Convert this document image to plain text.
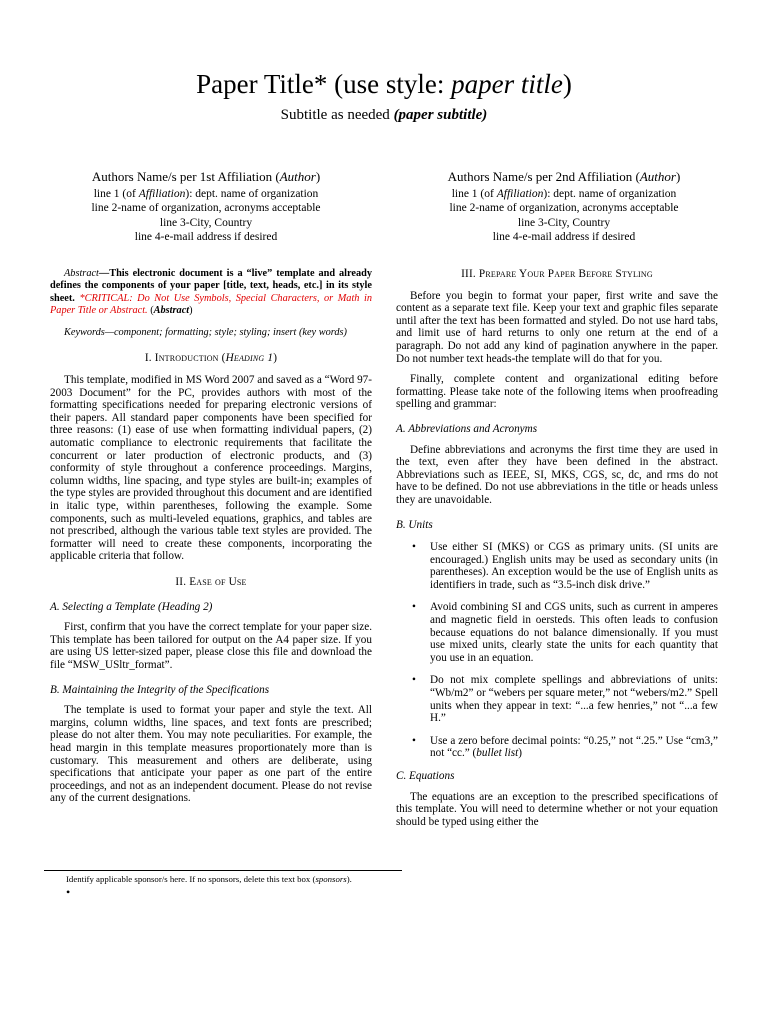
Paper Title* (use style: paper title)
Subtitle as needed (paper subtitle)
Authors Name/s per 1st Affiliation (Author)
line 1 (of Affiliation): dept. name of organization
line 2-name of organization, acronyms acceptable
line 3-City, Country
line 4-e-mail address if desired
Authors Name/s per 2nd Affiliation (Author)
line 1 (of Affiliation): dept. name of organization
line 2-name of organization, acronyms acceptable
line 3-City, Country
line 4-e-mail address if desired

Abstract—This electronic document is a “live” template and already defines the components of your paper [title, text, heads, etc.] in its style sheet. *CRITICAL: Do Not Use Symbols, Special Characters, or Math in Paper Title or Abstract. (Abstract)

Keywords—component; formatting; style; styling; insert (key words)

I. Introduction (Heading 1)

This template, modified in MS Word 2007 and saved as a “Word 97-2003 Document” for the PC, provides authors with most of the formatting specifications needed for preparing electronic versions of their papers. All standard paper components have been specified for three reasons: (1) ease of use when formatting individual papers, (2) automatic compliance to electronic requirements that facilitate the concurrent or later production of electronic products, and (3) conformity of style throughout a conference proceedings. Margins, column widths, line spacing, and type styles are built-in; examples of the type styles are provided throughout this document and are identified in italic type, within parentheses, following the example. Some components, such as multi-leveled equations, graphics, and tables are not prescribed, although the various table text styles are provided. The formatter will need to create these components, incorporating the applicable criteria that follow.

II. Ease of Use
A. Selecting a Template (Heading 2)

First, confirm that you have the correct template for your paper size. This template has been tailored for output on the A4 paper size. If you are using US letter-sized paper, please close this file and download the file “MSW_USltr_format”.

B. Maintaining the Integrity of the Specifications

The template is used to format your paper and style the text. All margins, column widths, line spaces, and text fonts are prescribed; please do not alter them. You may note peculiarities. For example, the head margin in this template measures proportionately more than is customary. This measurement and others are deliberate, using specifications that anticipate your paper as one part of the entire proceedings, and not as an independent document. Please do not revise any of the current designations.

III. Prepare Your Paper Before Styling

Before you begin to format your paper, first write and save the content as a separate text file. Keep your text and graphic files separate until after the text has been formatted and styled. Do not use hard tabs, and limit use of hard returns to only one return at the end of a paragraph. Do not add any kind of pagination anywhere in the paper. Do not number text heads-the template will do that for you.

Finally, complete content and organizational editing before formatting. Please take note of the following items when proofreading spelling and grammar:

A. Abbreviations and Acronyms

Define abbreviations and acronyms the first time they are used in the text, even after they have been defined in the abstract. Abbreviations such as IEEE, SI, MKS, CGS, sc, dc, and rms do not have to be defined. Do not use abbreviations in the title or heads unless they are unavoidable.

B. Units
• Use either SI (MKS) or CGS as primary units. (SI units are encouraged.) English units may be used as secondary units (in parentheses). An exception would be the use of English units as identifiers in trade, such as “3.5-inch disk drive.”
• Avoid combining SI and CGS units, such as current in amperes and magnetic field in oersteds. This often leads to confusion because equations do not balance dimensionally. If you must use mixed units, clearly state the units for each quantity that you use in an equation.
• Do not mix complete spellings and abbreviations of units: “Wb/m2” or “webers per square meter,” not “webers/m2.” Spell units when they appear in text: “...a few henries,” not “...a few H.”
• Use a zero before decimal points: “0.25,” not “.25.” Use “cm3,” not “cc.” (bullet list)
C. Equations

The equations are an exception to the prescribed specifications of this template. You will need to determine whether or not your equation should be typed using either the

Identify applicable sponsor/s here. If no sponsors, delete this text box (sponsors).
•
